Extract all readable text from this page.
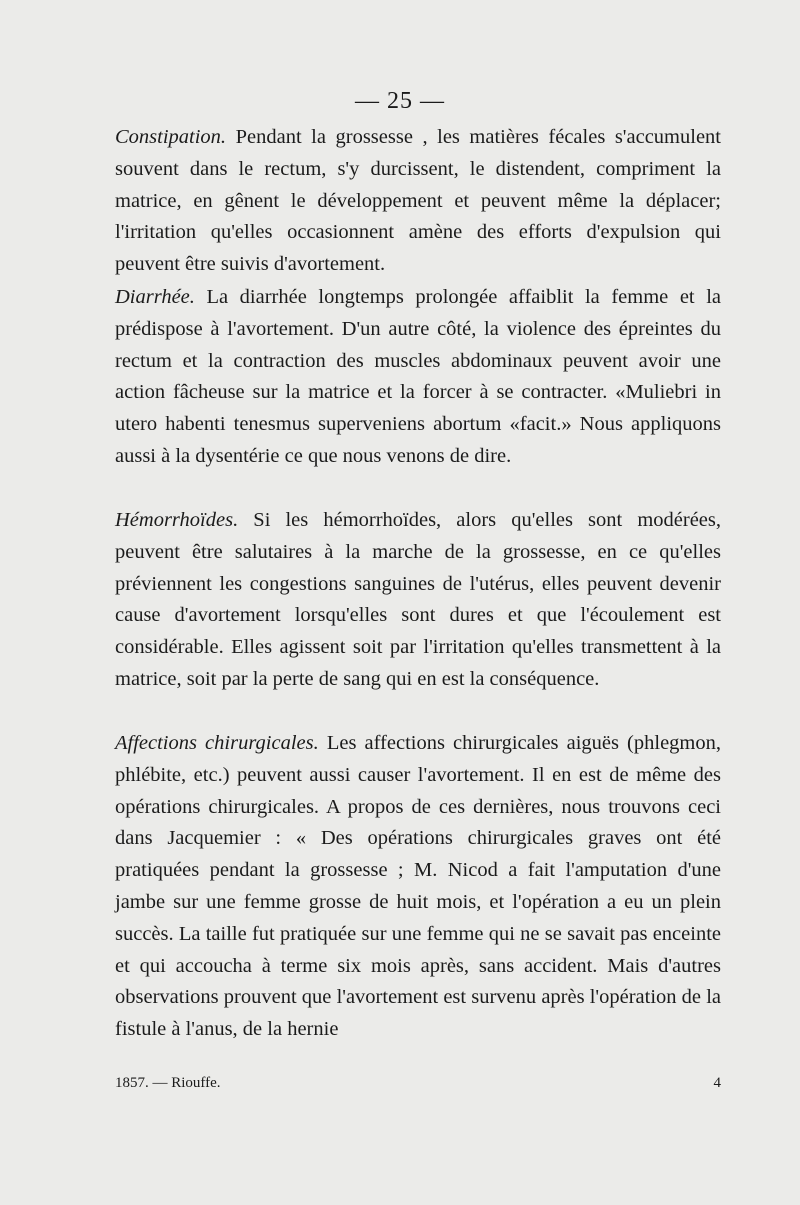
— 25 —

Constipation. Pendant la grossesse , les matières fécales s'accumulent souvent dans le rectum, s'y durcissent, le distendent, compriment la matrice, en gênent le développement et peuvent même la déplacer; l'irritation qu'elles occasionnent amène des efforts d'expulsion qui peuvent être suivis d'avortement.

Diarrhée. La diarrhée longtemps prolongée affaiblit la femme et la prédispose à l'avortement. D'un autre côté, la violence des épreintes du rectum et la contraction des muscles abdominaux peuvent avoir une action fâcheuse sur la matrice et la forcer à se contracter. «Muliebri in utero habenti tenesmus superveniens abortum «facit.» Nous appliquons aussi à la dysentérie ce que nous venons de dire.

Hémorrhoïdes. Si les hémorrhoïdes, alors qu'elles sont modérées, peuvent être salutaires à la marche de la grossesse, en ce qu'elles préviennent les congestions sanguines de l'utérus, elles peuvent devenir cause d'avortement lorsqu'elles sont dures et que l'écoulement est considérable. Elles agissent soit par l'irritation qu'elles transmettent à la matrice, soit par la perte de sang qui en est la conséquence.

Affections chirurgicales. Les affections chirurgicales aiguës (phlegmon, phlébite, etc.) peuvent aussi causer l'avortement. Il en est de même des opérations chirurgicales. A propos de ces dernières, nous trouvons ceci dans Jacquemier : « Des opérations chirurgicales graves ont été pratiquées pendant la grossesse ; M. Nicod a fait l'amputation d'une jambe sur une femme grosse de huit mois, et l'opération a eu un plein succès. La taille fut pratiquée sur une femme qui ne se savait pas enceinte et qui accoucha à terme six mois après, sans accident. Mais d'autres observations prouvent que l'avortement est survenu après l'opération de la fistule à l'anus, de la hernie

1857. — Riouffe.	4
